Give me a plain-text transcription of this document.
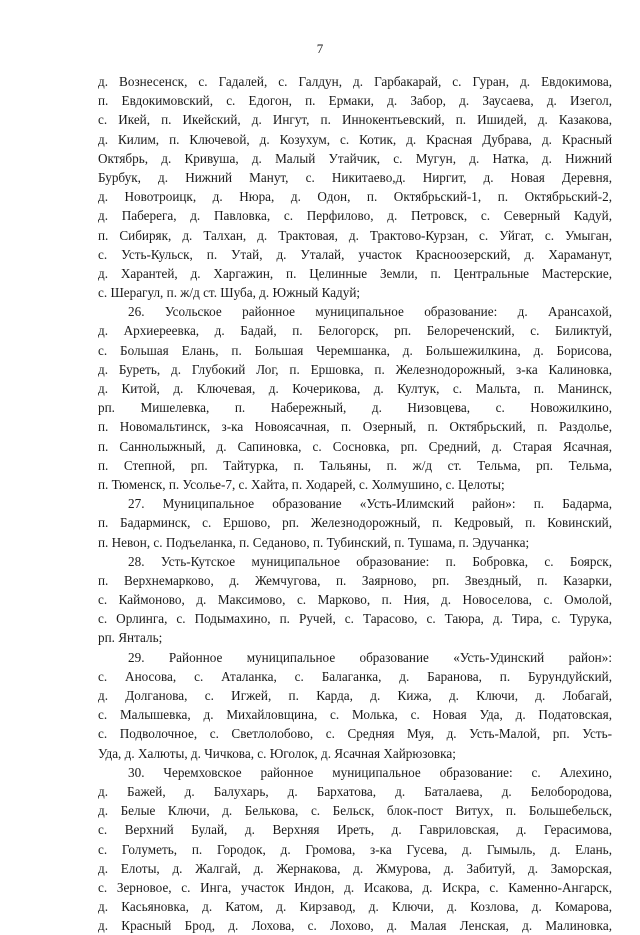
7
д. Вознесенск, с. Гадалей, с. Галдун, д. Гарбакарай, с. Гуран, д. Евдокимова,
п. Евдокимовский, с. Едогон, п. Ермаки, д. Забор, д. Заусаева, д. Изегол,
с. Икей, п. Икейский, д. Ингут, п. Иннокентьевский, п. Ишидей, д. Казакова,
д. Килим, п. Ключевой, д. Козухум, с. Котик, д. Красная Дубрава, д. Красный
Октябрь, д. Кривуша, д. Малый Утайчик, с. Мугун, д. Натка, д. Нижний
Бурбук, д. Нижний Манут, с. Никитаево,д. Ниргит, д. Новая Деревня,
д. Новотроицк, д. Нюра, д. Одон, п. Октябрьский-1, п. Октябрьский-2,
д. Паберега, д. Павловка, с. Перфилово, д. Петровск, с. Северный Кадуй,
п. Сибиряк, д. Талхан, д. Трактовая, д. Трактово-Курзан, с. Уйгат, с. Умыган,
с. Усть-Кульск, п. Утай, д. Уталай, участок Красноозерский, д. Хараманут,
д. Харантей, д. Харгажин, п. Целинные Земли, п. Центральные Мастерские,
с. Шерагул, п. ж/д ст. Шуба, д. Южный Кадуй;
26. Усольское районное муниципальное образование: д. Арансахой,
д. Архиереевка, д. Бадай, п. Белогорск, рп. Белореченский, с. Биликтуй,
с. Большая Елань, п. Большая Черемшанка, д. Большежилкина, д. Борисова,
д. Буреть, д. Глубокий Лог, п. Ершовка, п. Железнодорожный, з-ка Калиновка,
д. Китой, д. Ключевая, д. Кочерикова, д. Култук, с. Мальта, п. Манинск,
рп. Мишелевка, п. Набережный, д. Низовцева, с. Новожилкино,
п. Новомальтинск, з-ка Новоясачная, п. Озерный, п. Октябрьский, п. Раздолье,
п. Саннолыжный, д. Сапиновка, с. Сосновка, рп. Средний, д. Старая Ясачная,
п. Степной, рп. Тайтурка, п. Тальяны, п. ж/д ст. Тельма, рп. Тельма,
п. Тюменск, п. Усолье-7, с. Хайта, п. Ходарей, с. Холмушино, с. Целоты;
27. Муниципальное образование «Усть-Илимский район»: п. Бадарма,
п. Бадарминск, с. Ершово, рп. Железнодорожный, п. Кедровый, п. Ковинский,
п. Невон, с. Подъеланка, п. Седаново, п. Тубинский, п. Тушама, п. Эдучанка;
28. Усть-Кутское муниципальное образование: п. Бобровка, с. Боярск,
п. Верхнемарково, д. Жемчугова, п. Заярново, рп. Звездный, п. Казарки,
с. Каймоново, д. Максимово, с. Марково, п. Ния, д. Новоселова, с. Омолой,
с. Орлинга, с. Подымахино, п. Ручей, с. Тарасово, с. Таюра, д. Тира, с. Турука,
рп. Янталь;
29. Районное муниципальное образование «Усть-Удинский район»:
с. Аносова, с. Аталанка, с. Балаганка, д. Баранова, п. Бурундуйский,
д. Долганова, с. Игжей, п. Карда, д. Кижа, д. Ключи, д. Лобагай,
с. Малышевка, д. Михайловщина, с. Молька, с. Новая Уда, д. Податовская,
с. Подволочное, с. Светлолобово, с. Средняя Муя, д. Усть-Малой, рп. Усть-
Уда, д. Халюты, д. Чичкова, с. Юголок, д. Ясачная Хайрюзовка;
30. Черемховское районное муниципальное образование: с. Алехино,
д. Бажей, д. Балухарь, д. Бархатова, д. Баталаева, д. Белобородова,
д. Белые Ключи, д. Белькова, с. Бельск, блок-пост Витух, п. Большебельск,
с. Верхний Булай, д. Верхняя Иреть, д. Гавриловская, д. Герасимова,
с. Голуметь, п. Городок, д. Громова, з-ка Гусева, д. Гымыль, д. Елань,
д. Елоты, д. Жалгай, д. Жернакова, д. Жмурова, д. Забитуй, д. Заморская,
с. Зерновое, с. Инга, участок Индон, д. Исакова, д. Искра, с. Каменно-Ангарск,
д. Касьяновка, д. Катом, д. Кирзавод, д. Ключи, д. Козлова, д. Комарова,
д. Красный Брод, д. Лохова, с. Лохово, д. Малая Ленская, д. Малиновка,
